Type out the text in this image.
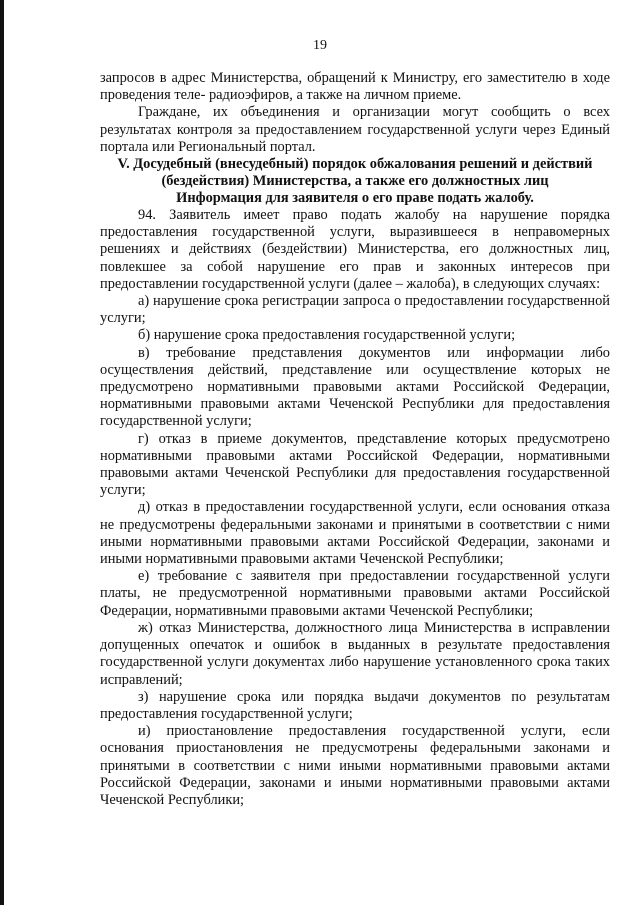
19

запросов в адрес Министерства, обращений к Министру, его заместителю в ходе проведения теле- радиоэфиров, а также на личном приеме.

Граждане, их объединения и организации могут сообщить о всех результатах контроля за предоставлением государственной услуги через Единый портала или Региональный портал.

V. Досудебный (внесудебный) порядок обжалования решений и действий (бездействия) Министерства, а также его должностных лиц

Информация для заявителя о его праве подать жалобу.

94. Заявитель имеет право подать жалобу на нарушение порядка предоставления государственной услуги, выразившееся в неправомерных решениях и действиях (бездействии) Министерства, его должностных лиц, повлекшее за собой нарушение его прав и законных интересов при предоставлении государственной услуги (далее – жалоба), в следующих случаях:

а) нарушение срока регистрации запроса о предоставлении государственной услуги;

б) нарушение срока предоставления государственной услуги;

в) требование представления документов или информации либо осуществления действий, представление или осуществление которых не предусмотрено нормативными правовыми актами Российской Федерации, нормативными правовыми актами Чеченской Республики для предоставления государственной услуги;

г) отказ в приеме документов, представление которых предусмотрено нормативными правовыми актами Российской Федерации, нормативными правовыми актами Чеченской Республики для предоставления государственной услуги;

д) отказ в предоставлении государственной услуги, если основания отказа не предусмотрены федеральными законами и принятыми в соответствии с ними иными нормативными правовыми актами Российской Федерации, законами и иными нормативными правовыми актами Чеченской Республики;

е) требование с заявителя при предоставлении государственной услуги платы, не предусмотренной нормативными правовыми актами Российской Федерации, нормативными правовыми актами Чеченской Республики;

ж) отказ Министерства, должностного лица Министерства в исправлении допущенных опечаток и ошибок в выданных в результате предоставления государственной услуги документах либо нарушение установленного срока таких исправлений;

з) нарушение срока или порядка выдачи документов по результатам предоставления государственной услуги;

и) приостановление предоставления государственной услуги, если основания приостановления не предусмотрены федеральными законами и принятыми в соответствии с ними иными нормативными правовыми актами Российской Федерации, законами и иными нормативными правовыми актами Чеченской Республики;
